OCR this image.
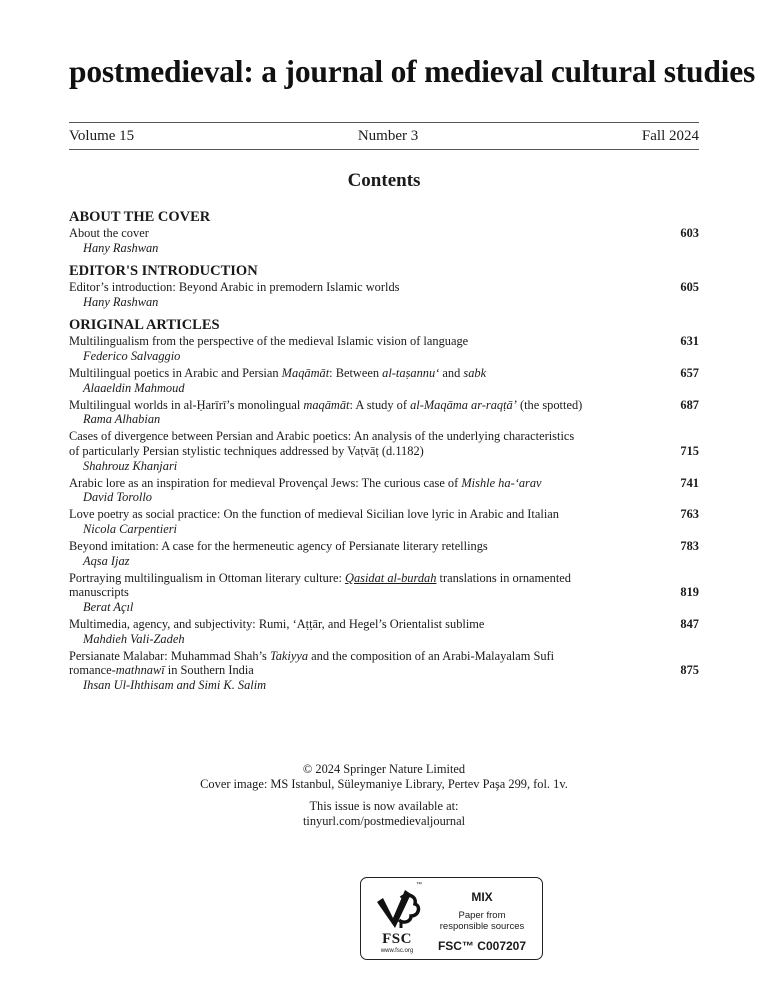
postmedieval: a journal of medieval cultural studies
Volume 15	Number 3	Fall 2024
Contents
ABOUT THE COVER
About the cover
Hany Rashwan
603
EDITOR'S INTRODUCTION
Editor’s introduction: Beyond Arabic in premodern Islamic worlds
Hany Rashwan
605
ORIGINAL ARTICLES
Multilingualism from the perspective of the medieval Islamic vision of language
Federico Salvaggio
631
Multilingual poetics in Arabic and Persian Maqāmāt: Between al-taṣannu‘ and sabk
Alaaeldin Mahmoud
657
Multilingual worlds in al-Ḥarīrī’s monolingual maqāmāt: A study of al-Maqāma ar-raqṭā’ (the spotted)
Rama Alhabian
687
Cases of divergence between Persian and Arabic poetics: An analysis of the underlying characteristics
of particularly Persian stylistic techniques addressed by Vaṭvāṭ (d.1182)
Shahrouz Khanjari
715
Arabic lore as an inspiration for medieval Provençal Jews: The curious case of Mishle ha-‘arav
David Torollo
741
Love poetry as social practice: On the function of medieval Sicilian love lyric in Arabic and Italian
Nicola Carpentieri
763
Beyond imitation: A case for the hermeneutic agency of Persianate literary retellings
Aqsa Ijaz
783
Portraying multilingualism in Ottoman literary culture: Qasidat al-burdah translations in ornamented
manuscripts
Berat Açıl
819
Multimedia, agency, and subjectivity: Rumi, ‘Aṭṭār, and Hegel’s Orientalist sublime
Mahdieh Vali-Zadeh
847
Persianate Malabar: Muhammad Shah’s Takiyya and the composition of an Arabi-Malayalam Sufi
romance-mathnawī in Southern India
Ihsan Ul-Ihthisam and Simi K. Salim
875
© 2024 Springer Nature Limited
Cover image: MS Istanbul, Süleymaniye Library, Pertev Paşa 299, fol. 1v.
This issue is now available at:
tinyurl.com/postmedievaljournal
™
FSC
www.fsc.org
MIX
Paper from
responsible sources
FSC™ C007207
